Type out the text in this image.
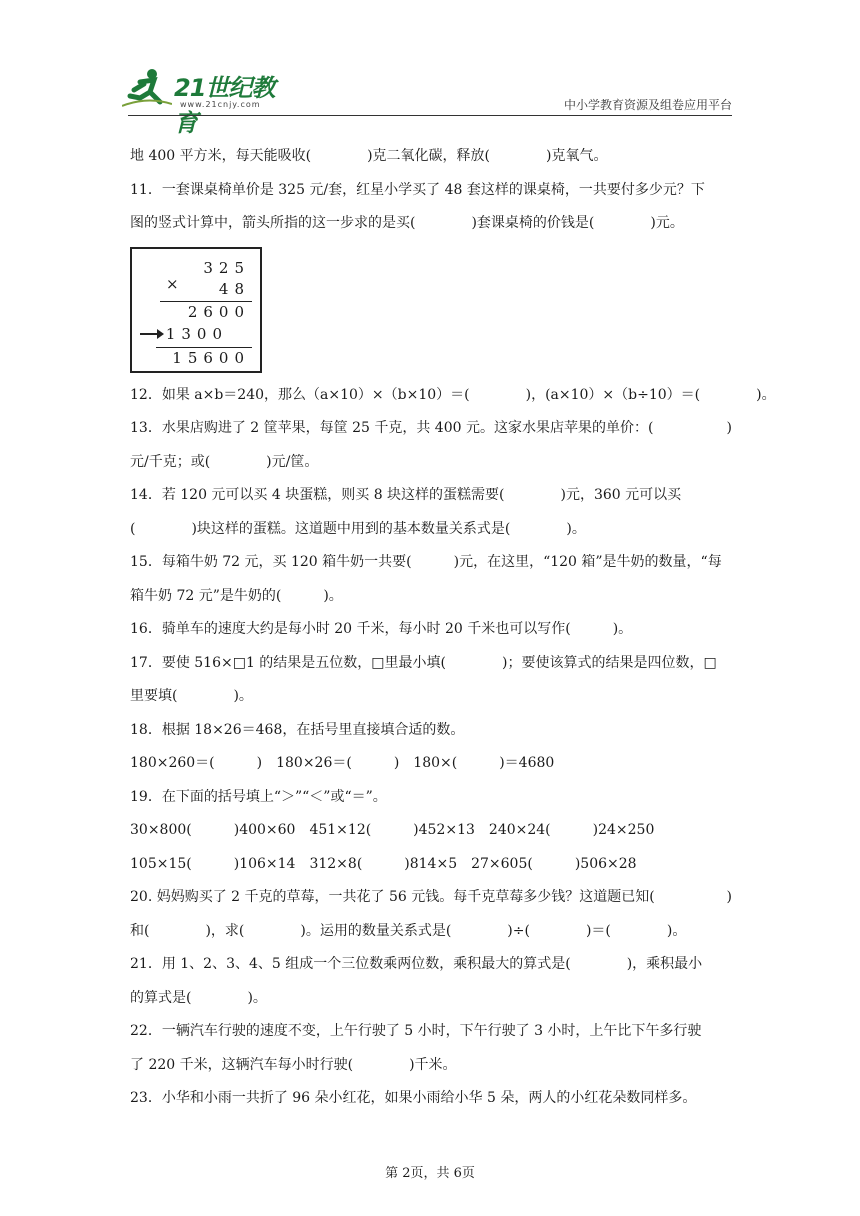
21世纪教育
www.21cnjy.com	中小学教育资源及组卷应用平台

地 400 平方米，每天能吸收(　　　　)克二氧化碳，释放(　　　　)克氧气。

11．一套课桌椅单价是 325 元/套，红星小学买了 48 套这样的课桌椅，一共要付多少元？下

图的竖式计算中，箭头所指的这一步求的是买(　　　　)套课桌椅的价钱是(　　　　)元。

325
×	48
2600
1300
15600

12．如果 a×b＝240，那么（a×10）×（b×10）＝(　　　　)，(a×10）×（b÷10）＝(　　　　)。

13．水果店购进了 2 筐苹果，每筐 25 千克，共 400 元。这家水果店苹果的单价：(	)

元/千克；或(　　　　)元/筐。

14．若 120 元可以买 4 块蛋糕，则买 8 块这样的蛋糕需要(　　　　)元，360 元可以买

(　　　　)块这样的蛋糕。这道题中用到的基本数量关系式是(　　　　)。

15．每箱牛奶 72 元，买 120 箱牛奶一共要(　　　)元，在这里，“120 箱”是牛奶的数量，“每

箱牛奶 72 元”是牛奶的(　　　)。

16．骑单车的速度大约是每小时 20 千米，每小时 20 千米也可以写作(　　　)。

17．要使 516×□1 的结果是五位数，□里最小填(　　　　)；要使该算式的结果是四位数，□

里要填(　　　　)。

18．根据 18×26＝468，在括号里直接填合适的数。

180×260＝(　　　)　180×26＝(　　　)　180×(　　　)＝4680

19．在下面的括号填上“＞”“＜”或“＝”。

30×800(　　　)400×60　451×12(　　　)452×13　240×24(　　　)24×250

105×15(　　　)106×14　312×8(　　　)814×5　27×605(　　　)506×28

20. 妈妈购买了 2 千克的草莓，一共花了 56 元钱。每千克草莓多少钱？这道题已知(	)

和(　　　　)，求(　　　　)。运用的数量关系式是(　　　　)÷(　　　　)＝(　　　　)。

21．用 1、2、3、4、5 组成一个三位数乘两位数，乘积最大的算式是(　　　　)，乘积最小

的算式是(　　　　)。

22．一辆汽车行驶的速度不变，上午行驶了 5 小时，下午行驶了 3 小时，上午比下午多行驶

了 220 千米，这辆汽车每小时行驶(　　　　)千米。

23．小华和小雨一共折了 96 朵小红花，如果小雨给小华 5 朵，两人的小红花朵数同样多。

第 2页，共 6页
